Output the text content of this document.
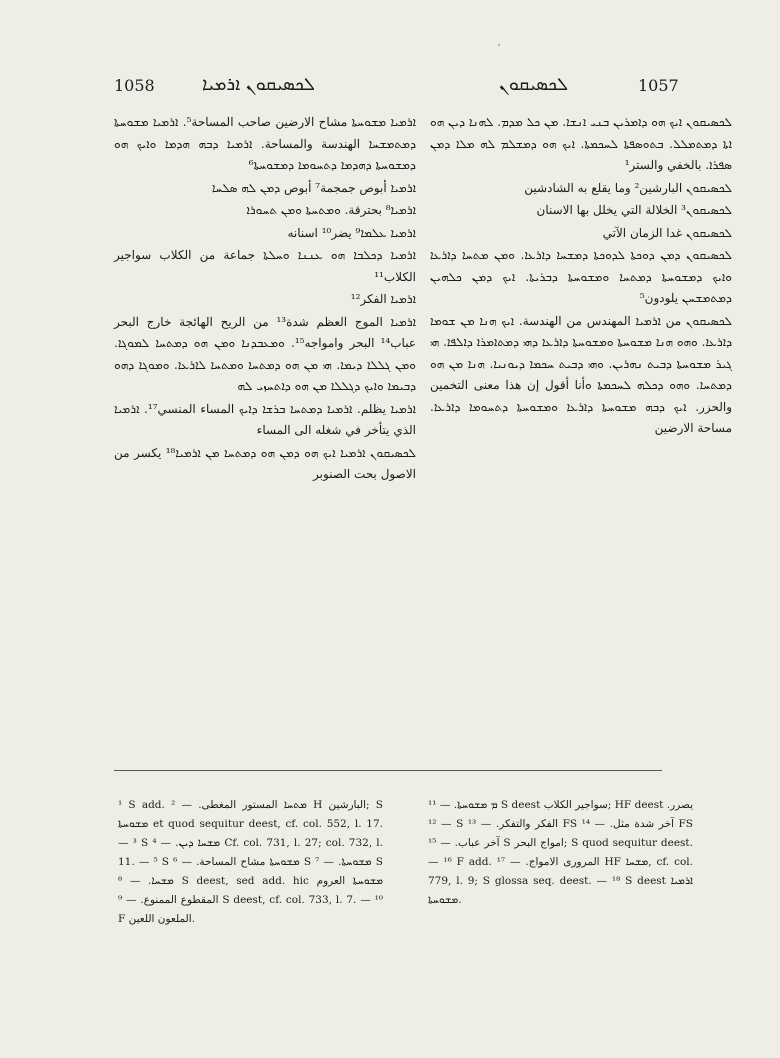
1058	ܠܟܣܝܩܘܢ ܐܪܡܝܐ	ܠܟܣܝܩܘܢ	1057

ܠܟܣܝܩܘܢ ܐܝܟ ܗܘ ܕܐܡܪܝܢ ܒܢܝ ܐܢܫܐ. ܡܢ ܟܠ ܡܕܡ. ܠܗܢܐ ܕܝܢ ܗܘ ܐܬܐ ܕܡܬܡܠܠ. ܒܬܘܣܦܬܐ ܠܚܟܡܬܐ. ܐܝܟ ܗܘ ܕܡܫܠܡ ܠܗ ܡܠܐ ܕܡܢ ܣܦܪܐ. بالخفي والستر¹

ܠܟܣܝܩܘܢ البارشين² وما يقلع به الشادشين

ܠܟܣܝܩܘܢ³ الخلالة التي يخلل بها الاسنان

ܠܟܣܝܩܘܢ غدا الزمان الآتي

ܠܟܣܝܩܘܢ ܕܡܢ ܕܘܟܬܐ ܠܕܘܟܬܐ ܕܡܫܚܐ ܕܐܪܥܐ. ܘܡܢ ܡܬܚܐ ܕܐܪܥܐ ܘܐܝܟ ܕܡܫܘܚܬܐ ܕܡܬܚܐ ܘܡܫܘܚܬܐ ܕܒܪܝܬܐ. ܐܝܟ ܕܡܢ ܟܠܗܝܢ ܕܡܬܡܫܚܢ يلودون⁵

ܠܟܣܝܩܘܢ من ܐܪܡܝܐ المهندس من الهندسة. ܐܝܟ ܗܢܐ ܡܢ ܫܘܡܐ ܕܐܪܥܐ. ܘܗܘ ܗܢܐ ܡܫܘܚܬܐ ܘܡܫܘܚܬܐ ܕܐܪܥܐ ܕܗܝ ܕܡܬܐܡܪܐ ܕܐܠܦܐ. ܗܝ ܓܝܪ ܡܫܘܚܬܐ ܕܒܝܬ ܢܗܪܝܢ. ܘܗܝ ܕܒܝܬ ܚܟܡܐ ܕܝܘܢܝܐ. ܗܢܐ ܡܢ ܗܘ ܕܡܬܚܐ. ܘܗܘ ܕܟܠܗ ܠܚܟܡܬܐ ܘأنا أقول إن هذا معنى التخمين والحزر. ܐܝܟ ܕܒܗ ܡܫܘܚܬܐ ܕܐܪܥܐ ܘܡܫܘܚܬܐ ܕܬܚܘܡܐ ܕܐܪܥܐ. مساحة الارضين

ܐܪܡܝܐ ܡܫܘܚܬܐ مشاح الارضين صاحب المساحة⁵. ܐܪܡܝܐ ܡܫܘܚܬܐ ܕܡܬܡܫܚܐ الهندسة والمساحة. ܐܪܡܝܐ ܕܒܗ ܗܕܡܐ ܘܐܝܟ ܗܘ ܕܡܫܘܚܬܐ ܕܗܕܡܐ ܕܬܚܘܡܐ ܕܡܫܘܚܬܐ⁶

ܐܪܡܝܐ أبوص جمجمة⁷ أبوص ܕܡܢ ܠܗ ܣܠܚܐ

ܐܪܡܝܐ⁸ بحترقة. ܘܡܬܚܬܐ ܘܡܢ ܬܚܘܪܐ

ܐܪܡܝܐ ܥܠܡܐ⁹ يضر¹⁰ اسنانه

ܐܪܡܝܐ ܕܟܠܒܐ ܗܘ ܥܢܢܐ ܘܚܠܬܐ جماعة من الكلاب سواجير الكلاب¹¹

ܐܪܡܝܐ الفكر¹²

ܐܪܡܝܐ الموج العظم شدة¹³ من الريح الهائجة خارج البحر عباب¹⁴ البحر وامواجه¹⁵. ܘܡܥܒܕܢܐ ܘܡܢ ܗܘ ܕܡܬܚܐ ܠܡܘܓܐ. ܘܡܢ ܓܠܠܐ ܕܝܡܐ. ܗܝ ܡܢ ܗܘ ܕܡܬܚܐ ܘܡܬܚܐ ܠܐܪܥܐ. ܘܡܘܓܐ ܕܗܘ ܕܒܝܡܐ ܘܐܝܟ ܕܓܠܠܐ ܡܢ ܗܘ ܕܐܬܚܙܝ ܠܗ

ܐܪܡܝܐ يظلم. ܐܪܡܝܐ ܕܡܬܚܐ ܒܪܫܐ ܕܐܝܟ المساء المنسي¹⁷. ܐܪܡܝܐ الذي يتأخر في شغله الى المساء

ܠܟܣܝܩܘܢ ܐܪܡܝܐ ܐܝܟ ܗܘ ܕܡܢ ܗܘ ܕܡܬܚܐ ܡܢ ܐܪܡܝܐ¹⁸ يكسر من الاصول بحت الصنوبر

¹ S add. ܡܬܚܐ المستور المغطى. — ² H البارشين; S ܡܫܘܚܬܐ et quod sequitur deest, cf. col. 552, l. 17. — ³ S ܡܫܚܐ ܕܝܢ. — ⁴ Cf. col. 731, l. 27; col. 732, l. 11. — ⁵ S ܡܫܘܚܬܐ مشاح المساحة. — ⁶ S ܡܫܘܚܬܐ. — ⁷ S ܡܫܚܐ. — ⁸ S deest, sed add. hic ܡܫܘܚܬܐ العروم المقطوع الممنوع. — ⁹ S deest, cf. col. 733, l. 7. — ¹⁰ F الملعون اللعين.

ܡ ܡܫܘܚܬܐ. — ¹¹ S deest سواجير الكلاب; HF deest يصرر. — ¹² S الفكر والتفكر. — ¹³ FS آخر شدة مثل. — ¹⁴ FS آخر عباب. — ¹⁵ S امواج البحر; S quod sequitur deest. — ¹⁶ F add. المرورى الامواج. — ¹⁷ HF ܡܫܚܐ, cf. col. 779, l. 9; S glossa seq. deest. — ¹⁸ S deest ܐܪܡܝܐ ܡܫܘܚܬܐ.
